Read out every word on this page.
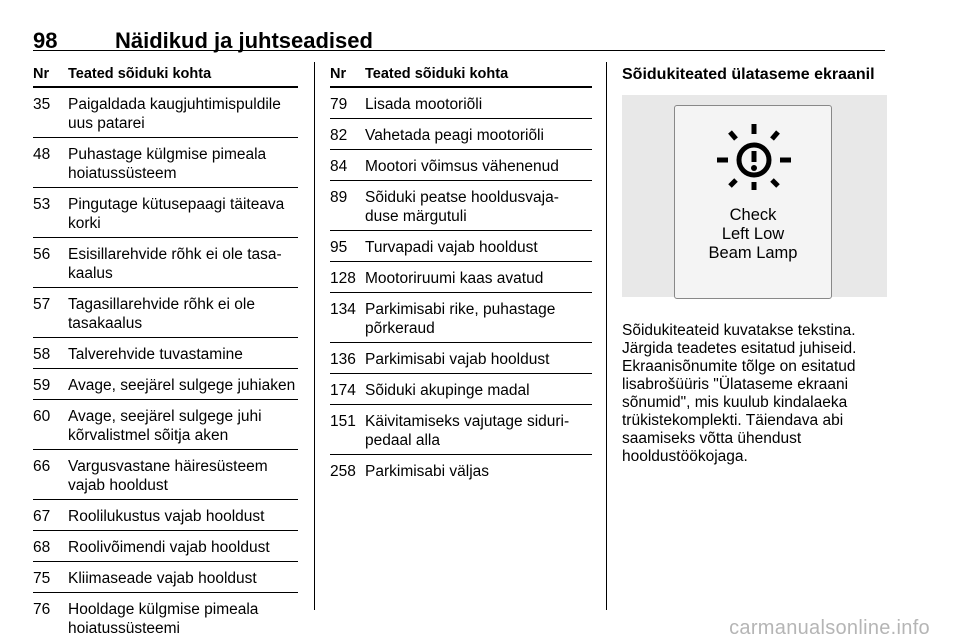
98	Näidikud ja juhtseadised
Nr	Teated sõiduki kohta
35	Paigaldada kaugjuhtimispuldile uus patarei
48	Puhastage külgmise pimeala hoiatussüsteem
53	Pingutage kütusepaagi täiteava korki
56	Esisillarehvide rõhk ei ole tasa-kaalus
57	Tagasillarehvide rõhk ei ole tasakaalus
58	Talverehvide tuvastamine
59	Avage, seejärel sulgege juhiaken
60	Avage, seejärel sulgege juhi kõrvalistmel sõitja aken
66	Vargusvastane häiresüsteem vajab hooldust
67	Roolilukustus vajab hooldust
68	Roolivõimendi vajab hooldust
75	Kliimaseade vajab hooldust
76	Hooldage külgmise pimeala hoiatussüsteemi
Nr	Teated sõiduki kohta
79	Lisada mootoriõli
82	Vahetada peagi mootoriõli
84	Mootori võimsus vähenenud
89	Sõiduki peatse hooldusvaja-duse märgutuli
95	Turvapadi vajab hooldust
128 Mootoriruumi kaas avatud
134 Parkimisabi rike, puhastage põrkeraud
136 Parkimisabi vajab hooldust
174 Sõiduki akupinge madal
151 Käivitamiseks vajutage siduri-pedaal alla
258 Parkimisabi väljas
Sõidukiteated ülataseme ekraanil
Check
Left Low
Beam Lamp
Sõidukiteateid kuvatakse tekstina. Järgida teadetes esitatud juhiseid. Ekraanisõnumite tõlge on esitatud lisabrošüüris "Ülataseme ekraani sõnumid", mis kuulub kindalaeka trükistekomplekti. Täiendava abi saamiseks võtta ühendust hooldustöökojaga.
carmanualsonline.info
